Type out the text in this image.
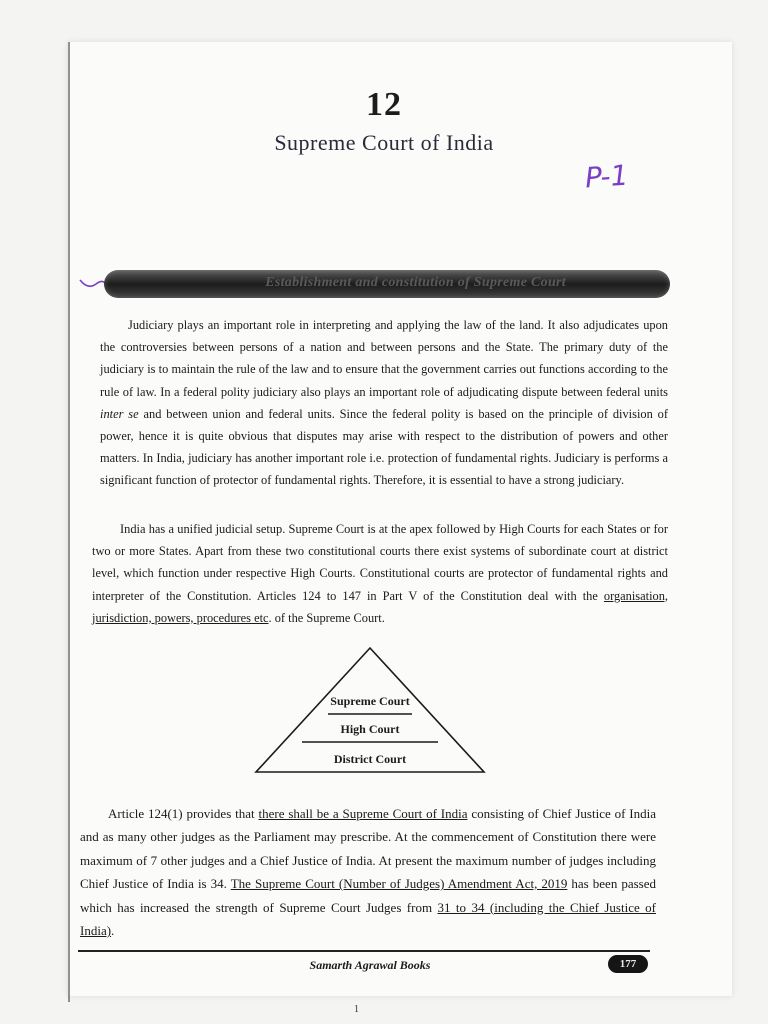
12
Supreme Court of India
P-1
Establishment and constitution of Supreme Court
Judiciary plays an important role in interpreting and applying the law of the land. It also adjudicates upon the controversies between persons of a nation and between persons and the State. The primary duty of the judiciary is to maintain the rule of the law and to ensure that the government carries out functions according to the rule of law. In a federal polity judiciary also plays an important role of adjudicating dispute between federal units inter se and between union and federal units. Since the federal polity is based on the principle of division of power, hence it is quite obvious that disputes may arise with respect to the distribution of powers and other matters. In India, judiciary has another important role i.e. protection of fundamental rights. Judiciary is performs a significant function of protector of fundamental rights. Therefore, it is essential to have a strong judiciary.
India has a unified judicial setup. Supreme Court is at the apex followed by High Courts for each States or for two or more States. Apart from these two constitutional courts there exist systems of subordinate court at district level, which function under respective High Courts. Constitutional courts are protector of fundamental rights and interpreter of the Constitution. Articles 124 to 147 in Part V of the Constitution deal with the organisation, jurisdiction, powers, procedures etc. of the Supreme Court.
Supreme Court
High Court
District Court
Article 124(1) provides that there shall be a Supreme Court of India consisting of Chief Justice of India and as many other judges as the Parliament may prescribe. At the commencement of Constitution there were maximum of 7 other judges and a Chief Justice of India. At present the maximum number of judges including Chief Justice of India is 34. The Supreme Court (Number of Judges) Amendment Act, 2019 has been passed which has increased the strength of Supreme Court Judges from 31 to 34 (including the Chief Justice of India).
Samarth Agrawal Books	177
1
